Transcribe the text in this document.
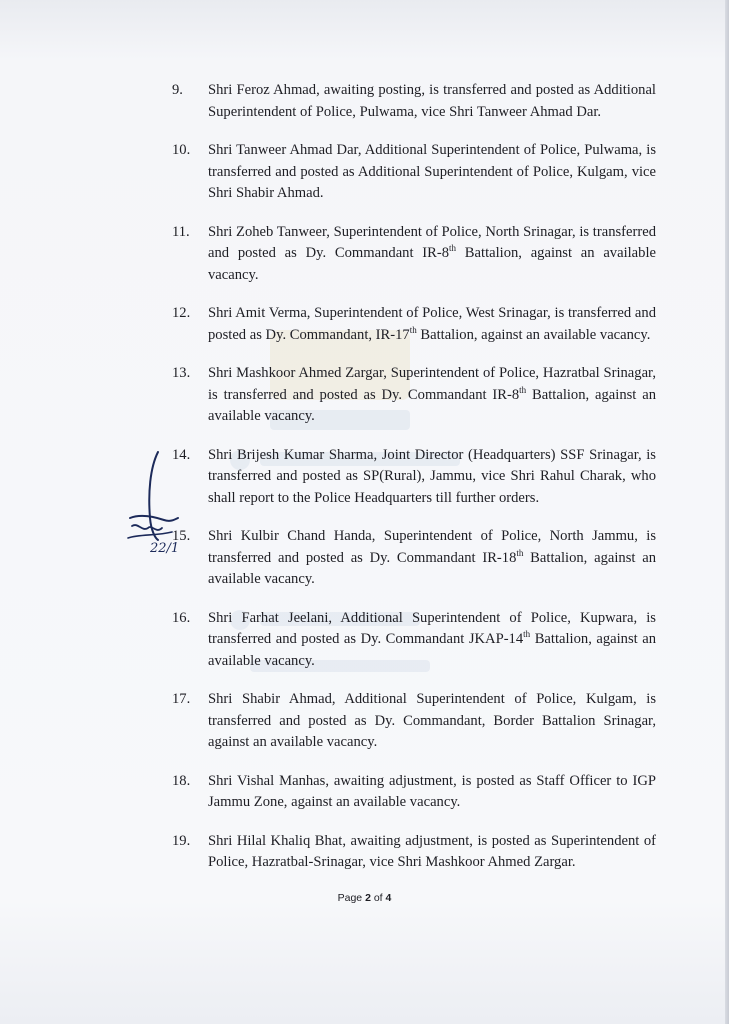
9.	Shri Feroz Ahmad, awaiting posting, is transferred and posted as Additional Superintendent of Police, Pulwama, vice Shri Tanweer Ahmad Dar.
10.	Shri Tanweer Ahmad Dar, Additional Superintendent of Police, Pulwama, is transferred and posted as Additional Superintendent of Police, Kulgam, vice Shri Shabir Ahmad.
11.	Shri Zoheb Tanweer, Superintendent of Police, North Srinagar, is transferred and posted as Dy. Commandant IR-8th Battalion, against an available vacancy.
12.	Shri Amit Verma, Superintendent of Police, West Srinagar, is transferred and posted as Dy. Commandant, IR-17th Battalion, against an available vacancy.
13.	Shri Mashkoor Ahmed Zargar, Superintendent of Police, Hazratbal Srinagar, is transferred and posted as Dy. Commandant IR-8th Battalion, against an available vacancy.
14.	Shri Brijesh Kumar Sharma, Joint Director (Headquarters) SSF Srinagar, is transferred and posted as SP(Rural), Jammu, vice Shri Rahul Charak, who shall report to the Police Headquarters till further orders.
15.	Shri Kulbir Chand Handa, Superintendent of Police, North Jammu, is transferred and posted as Dy. Commandant IR-18th Battalion, against an available vacancy.
16.	Shri Farhat Jeelani, Additional Superintendent of Police, Kupwara, is transferred and posted as Dy. Commandant JKAP-14th Battalion, against an available vacancy.
17.	Shri Shabir Ahmad, Additional Superintendent of Police, Kulgam, is transferred and posted as Dy. Commandant, Border Battalion Srinagar, against an available vacancy.
18.	Shri Vishal Manhas, awaiting adjustment, is posted as Staff Officer to IGP Jammu Zone, against an available vacancy.
19.	Shri Hilal Khaliq Bhat, awaiting adjustment, is posted as Superintendent of Police, Hazratbal-Srinagar, vice Shri Mashkoor Ahmed Zargar.
22/1
Page 2 of 4
